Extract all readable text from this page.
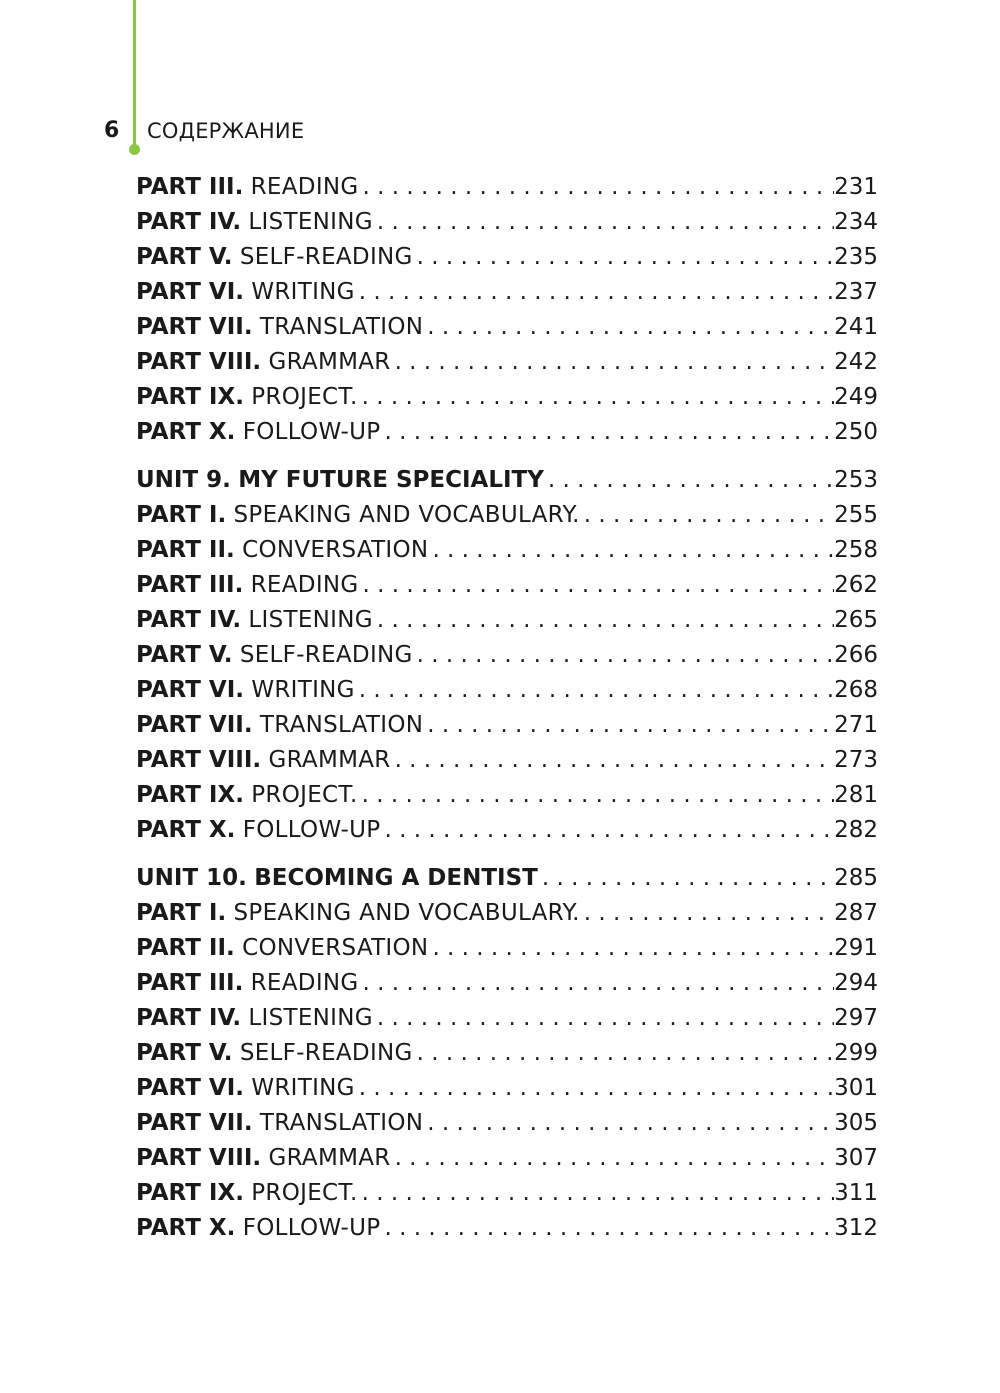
6 СОДЕРЖАНИЕ
PART III. READING . . .	231
PART IV. LISTENING . . .	234
PART V. SELF-READING . . .	235
PART VI. WRITING . . .	237
PART VII. TRANSLATION . . .	241
PART VIII. GRAMMAR . . .	242
PART IX. PROJECT. . . .	249
PART X. FOLLOW-UP . . .	250
UNIT 9. MY FUTURE SPECIALITY . . .	253
PART I. SPEAKING AND VOCABULARY. . . .	255
PART II. CONVERSATION . . .	258
PART III. READING . . .	262
PART IV. LISTENING . . .	265
PART V. SELF-READING . . .	266
PART VI. WRITING . . .	268
PART VII. TRANSLATION . . .	271
PART VIII. GRAMMAR . . .	273
PART IX. PROJECT. . . .	281
PART X. FOLLOW-UP . . .	282
UNIT 10. BECOMING A DENTIST . . .	285
PART I. SPEAKING AND VOCABULARY. . . .	287
PART II. CONVERSATION . . .	291
PART III. READING . . .	294
PART IV. LISTENING . . .	297
PART V. SELF-READING . . .	299
PART VI. WRITING . . .	301
PART VII. TRANSLATION . . .	305
PART VIII. GRAMMAR . . .	307
PART IX. PROJECT. . . .	311
PART X. FOLLOW-UP . . .	312
